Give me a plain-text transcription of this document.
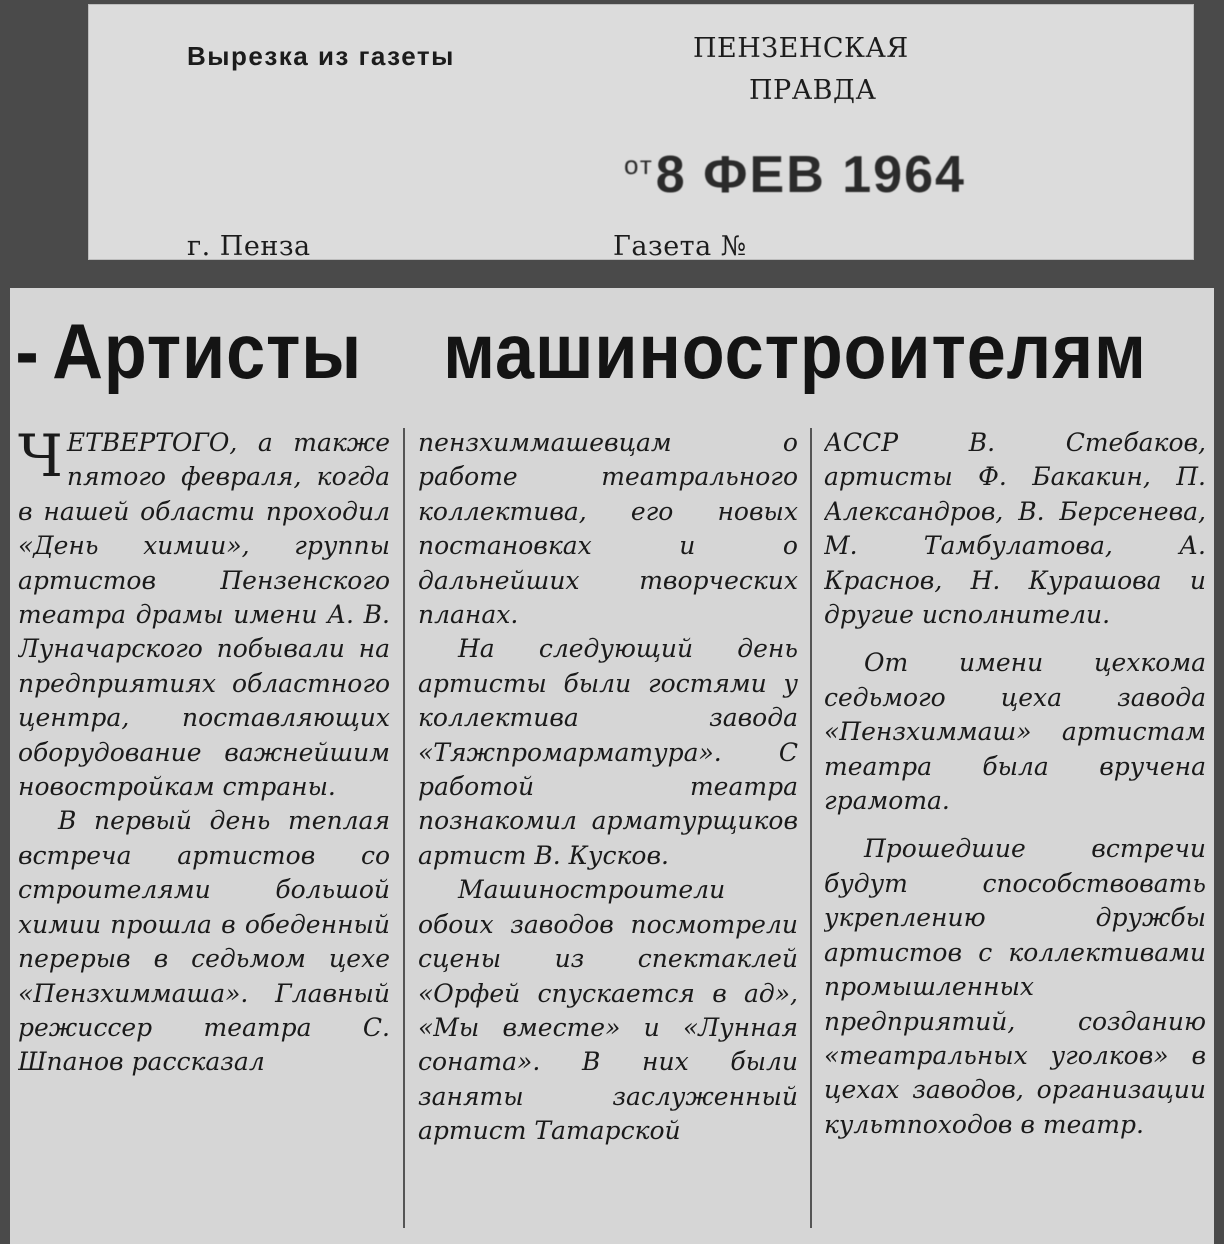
Вырезка из газеты	ПЕНЗЕНСКАЯ
ПРАВДА
$^{от}$8 ФЕВ 1964
г. Пенза	Газета №
- Артисты машиностроителям
Ч ЕТВЕРТОГО, а также пятого февраля, когда в нашей области проходил «День химии», группы артистов Пензенского театра драмы имени А. В. Луначарского побывали на предприятиях областного центра, поставляющих оборудование важнейшим новостройкам страны.

В первый день теплая встреча артистов со строителями большой химии прошла в обеденный перерыв в седьмом цехе «Пензхиммаша». Главный режиссер театра С. Шпанов рассказал

пензхиммашевцам о работе театрального коллектива, его новых постановках и о дальнейших творческих планах.

На следующий день артисты были гостями у коллектива завода «Тяжпромарматура». С работой театра познакомил арматурщиков артист В. Кусков.

Машиностроители обоих заводов посмотрели сцены из спектаклей «Орфей спускается в ад», «Мы вместе» и «Лунная соната». В них были заняты заслуженный артист Татарской

АССР В. Стебаков, артисты Ф. Бакакин, П. Александров, В. Берсенева, М. Тамбулатова, А. Краснов, Н. Курашова и другие исполнители.

От имени цехкома седьмого цеха завода «Пензхиммаш» артистам театра была вручена грамота.

Прошедшие встречи будут способствовать укреплению дружбы артистов с коллективами промышленных предприятий, созданию «театральных уголков» в цехах заводов, организации культпоходов в театр.
